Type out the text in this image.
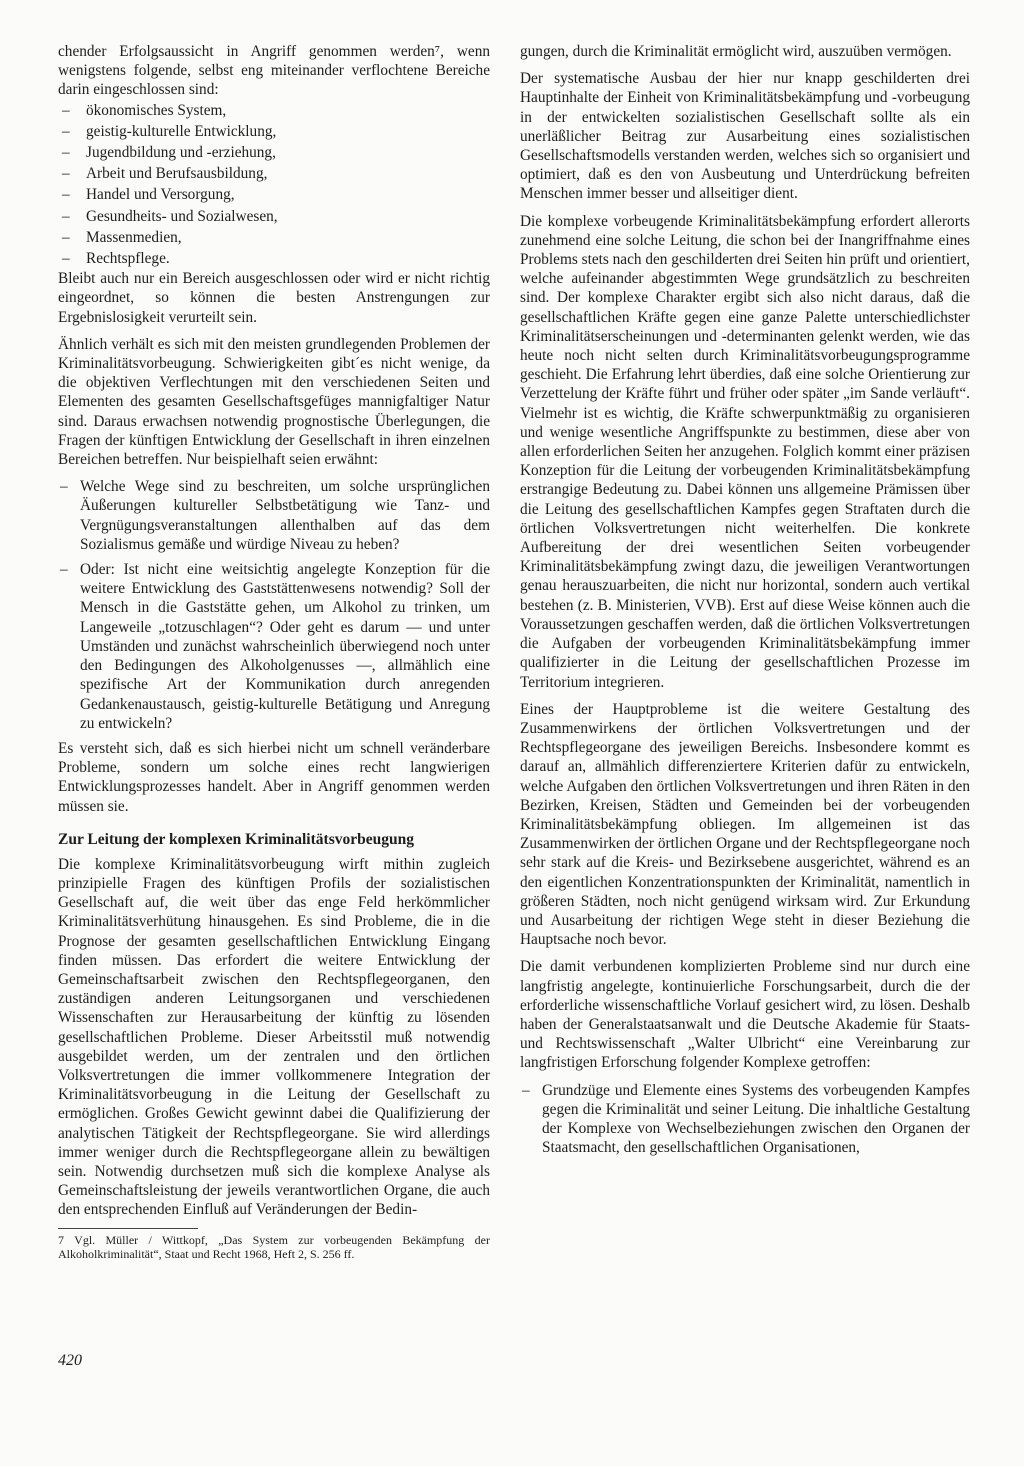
chender Erfolgsaussicht in Angriff genommen werden⁷, wenn wenigstens folgende, selbst eng miteinander verflochtene Bereiche darin eingeschlossen sind:

– ökonomisches System,
– geistig-kulturelle Entwicklung,
– Jugendbildung und -erziehung,
– Arbeit und Berufsausbildung,
– Handel und Versorgung,
– Gesundheits- und Sozialwesen,
– Massenmedien,
– Rechtspflege.

Bleibt auch nur ein Bereich ausgeschlossen oder wird er nicht richtig eingeordnet, so können die besten Anstrengungen zur Ergebnislosigkeit verurteilt sein.

Ähnlich verhält es sich mit den meisten grundlegenden Problemen der Kriminalitätsvorbeugung. Schwierigkeiten gibt´es nicht wenige, da die objektiven Verflechtungen mit den verschiedenen Seiten und Elementen des gesamten Gesellschaftsgefüges mannigfaltiger Natur sind. Daraus erwachsen notwendig prognostische Überlegungen, die Fragen der künftigen Entwicklung der Gesellschaft in ihren einzelnen Bereichen betreffen. Nur beispielhaft seien erwähnt:

– Welche Wege sind zu beschreiten, um solche ursprünglichen Äußerungen kultureller Selbstbetätigung wie Tanz- und Vergnügungsveranstaltungen allenthalben auf das dem Sozialismus gemäße und würdige Niveau zu heben?
– Oder: Ist nicht eine weitsichtig angelegte Konzeption für die weitere Entwicklung des Gaststättenwesens notwendig? Soll der Mensch in die Gaststätte gehen, um Alkohol zu trinken, um Langeweile „totzuschlagen“? Oder geht es darum — und unter Umständen und zunächst wahrscheinlich überwiegend noch unter den Bedingungen des Alkoholgenusses —, allmählich eine spezifische Art der Kommunikation durch anregenden Gedankenaustausch, geistig-kulturelle Betätigung und Anregung zu entwickeln?

Es versteht sich, daß es sich hierbei nicht um schnell veränderbare Probleme, sondern um solche eines recht langwierigen Entwicklungsprozesses handelt. Aber in Angriff genommen werden müssen sie.

Zur Leitung der komplexen Kriminalitätsvorbeugung

Die komplexe Kriminalitätsvorbeugung wirft mithin zugleich prinzipielle Fragen des künftigen Profils der sozialistischen Gesellschaft auf, die weit über das enge Feld herkömmlicher Kriminalitätsverhütung hinausgehen. Es sind Probleme, die in die Prognose der gesamten gesellschaftlichen Entwicklung Eingang finden müssen. Das erfordert die weitere Entwicklung der Gemeinschaftsarbeit zwischen den Rechtspflegeorganen, den zuständigen anderen Leitungsorganen und verschiedenen Wissenschaften zur Herausarbeitung der künftig zu lösenden gesellschaftlichen Probleme. Dieser Arbeitsstil muß notwendig ausgebildet werden, um der zentralen und den örtlichen Volksvertretungen die immer vollkommenere Integration der Kriminalitätsvorbeugung in die Leitung der Gesellschaft zu ermöglichen. Großes Gewicht gewinnt dabei die Qualifizierung der analytischen Tätigkeit der Rechtspflegeorgane. Sie wird allerdings immer weniger durch die Rechtspflegeorgane allein zu bewältigen sein. Notwendig durchsetzen muß sich die komplexe Analyse als Gemeinschaftsleistung der jeweils verantwortlichen Organe, die auch den entsprechenden Einfluß auf Veränderungen der Bedin-

7 Vgl. Müller / Wittkopf, „Das System zur vorbeugenden Bekämpfung der Alkoholkriminalität“, Staat und Recht 1968, Heft 2, S. 256 ff.

gungen, durch die Kriminalität ermöglicht wird, auszuüben vermögen.

Der systematische Ausbau der hier nur knapp geschilderten drei Hauptinhalte der Einheit von Kriminalitätsbekämpfung und -vorbeugung in der entwickelten sozialistischen Gesellschaft sollte als ein unerläßlicher Beitrag zur Ausarbeitung eines sozialistischen Gesellschaftsmodells verstanden werden, welches sich so organisiert und optimiert, daß es den von Ausbeutung und Unterdrückung befreiten Menschen immer besser und allseitiger dient.

Die komplexe vorbeugende Kriminalitätsbekämpfung erfordert allerorts zunehmend eine solche Leitung, die schon bei der Inangriffnahme eines Problems stets nach den geschilderten drei Seiten hin prüft und orientiert, welche aufeinander abgestimmten Wege grundsätzlich zu beschreiten sind. Der komplexe Charakter ergibt sich also nicht daraus, daß die gesellschaftlichen Kräfte gegen eine ganze Palette unterschiedlichster Kriminalitätserscheinungen und -determinanten gelenkt werden, wie das heute noch nicht selten durch Kriminalitätsvorbeugungsprogramme geschieht. Die Erfahrung lehrt überdies, daß eine solche Orientierung zur Verzettelung der Kräfte führt und früher oder später „im Sande verläuft“. Vielmehr ist es wichtig, die Kräfte schwerpunktmäßig zu organisieren und wenige wesentliche Angriffspunkte zu bestimmen, diese aber von allen erforderlichen Seiten her anzugehen. Folglich kommt einer präzisen Konzeption für die Leitung der vorbeugenden Kriminalitätsbekämpfung erstrangige Bedeutung zu. Dabei können uns allgemeine Prämissen über die Leitung des gesellschaftlichen Kampfes gegen Straftaten durch die örtlichen Volksvertretungen nicht weiterhelfen. Die konkrete Aufbereitung der drei wesentlichen Seiten vorbeugender Kriminalitätsbekämpfung zwingt dazu, die jeweiligen Verantwortungen genau herauszuarbeiten, die nicht nur horizontal, sondern auch vertikal bestehen (z. B. Ministerien, VVB). Erst auf diese Weise können auch die Voraussetzungen geschaffen werden, daß die örtlichen Volksvertretungen die Aufgaben der vorbeugenden Kriminalitätsbekämpfung immer qualifizierter in die Leitung der gesellschaftlichen Prozesse im Territorium integrieren.

Eines der Hauptprobleme ist die weitere Gestaltung des Zusammenwirkens der örtlichen Volksvertretungen und der Rechtspflegeorgane des jeweiligen Bereichs. Insbesondere kommt es darauf an, allmählich differenziertere Kriterien dafür zu entwickeln, welche Aufgaben den örtlichen Volksvertretungen und ihren Räten in den Bezirken, Kreisen, Städten und Gemeinden bei der vorbeugenden Kriminalitätsbekämpfung obliegen. Im allgemeinen ist das Zusammenwirken der örtlichen Organe und der Rechtspflegeorgane noch sehr stark auf die Kreis- und Bezirksebene ausgerichtet, während es an den eigentlichen Konzentrationspunkten der Kriminalität, namentlich in größeren Städten, noch nicht genügend wirksam wird. Zur Erkundung und Ausarbeitung der richtigen Wege steht in dieser Beziehung die Hauptsache noch bevor.

Die damit verbundenen komplizierten Probleme sind nur durch eine langfristig angelegte, kontinuierliche Forschungsarbeit, durch die der erforderliche wissenschaftliche Vorlauf gesichert wird, zu lösen. Deshalb haben der Generalstaatsanwalt und die Deutsche Akademie für Staats- und Rechtswissenschaft „Walter Ulbricht“ eine Vereinbarung zur langfristigen Erforschung folgender Komplexe getroffen:

– Grundzüge und Elemente eines Systems des vorbeugenden Kampfes gegen die Kriminalität und seiner Leitung. Die inhaltliche Gestaltung der Komplexe von Wechselbeziehungen zwischen den Organen der Staatsmacht, den gesellschaftlichen Organisationen,
420
